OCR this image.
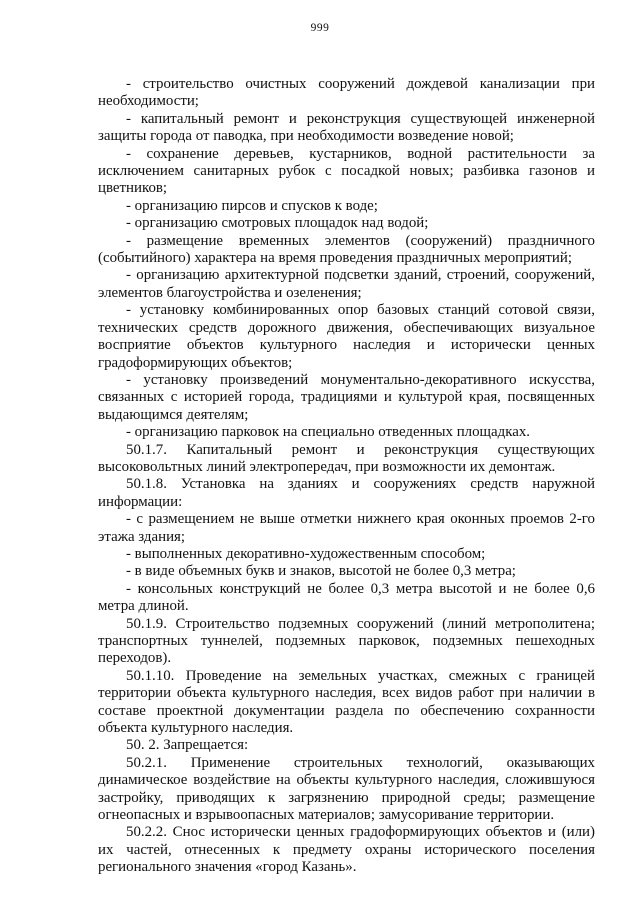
999

- строительство очистных сооружений дождевой канализации при необходимости;

- капитальный ремонт и реконструкция существующей инженерной защиты города от паводка, при необходимости возведение новой;

- сохранение деревьев, кустарников, водной растительности за исключением санитарных рубок с посадкой новых; разбивка газонов и цветников;

- организацию пирсов и спусков к воде;

- организацию смотровых площадок над водой;

- размещение временных элементов (сооружений) праздничного (событийного) характера на время проведения праздничных мероприятий;

- организацию архитектурной подсветки зданий, строений, сооружений, элементов благоустройства и озеленения;

- установку комбинированных опор базовых станций сотовой связи, технических средств дорожного движения, обеспечивающих визуальное восприятие объектов культурного наследия и исторически ценных градоформирующих объектов;

- установку произведений монументально-декоративного искусства, связанных с историей города, традициями и культурой края, посвященных выдающимся деятелям;

- организацию парковок на специально отведенных площадках.

50.1.7. Капитальный ремонт и реконструкция существующих высоковольтных линий электропередач, при возможности их демонтаж.

50.1.8. Установка на зданиях и сооружениях средств наружной информации:

- с размещением не выше отметки нижнего края оконных проемов 2-го этажа здания;

- выполненных декоративно-художественным способом;

- в виде объемных букв и знаков, высотой не более 0,3 метра;

- консольных конструкций не более 0,3 метра высотой и не более 0,6 метра длиной.

50.1.9. Строительство подземных сооружений (линий метрополитена; транспортных туннелей, подземных парковок, подземных пешеходных переходов).

50.1.10. Проведение на земельных участках, смежных с границей территории объекта культурного наследия, всех видов работ при наличии в составе проектной документации раздела по обеспечению сохранности объекта культурного наследия.

50. 2. Запрещается:

50.2.1. Применение строительных технологий, оказывающих динамическое воздействие на объекты культурного наследия, сложившуюся застройку, приводящих к загрязнению природной среды; размещение огнеопасных и взрывоопасных материалов; замусоривание территории.

50.2.2. Снос исторически ценных градоформирующих объектов и (или) их частей, отнесенных к предмету охраны исторического поселения регионального значения «город Казань».
